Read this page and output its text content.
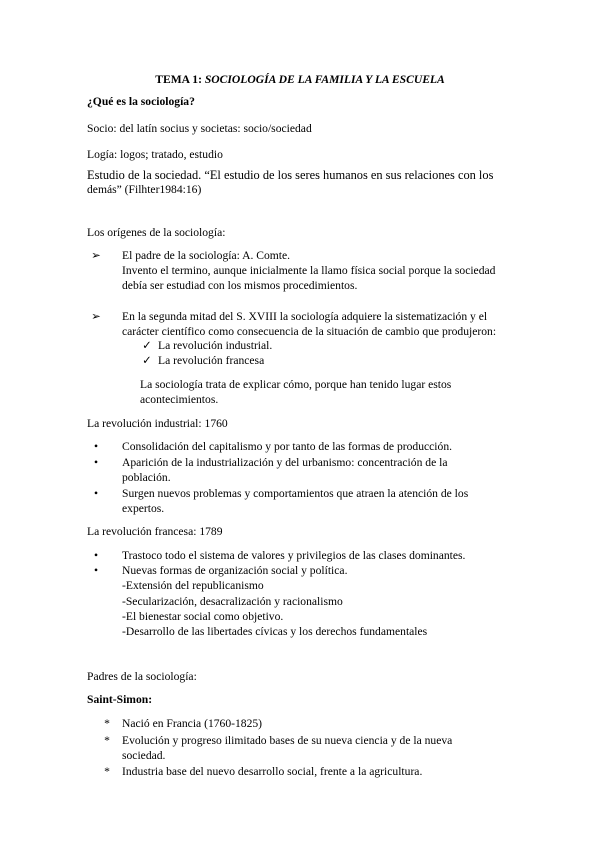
TEMA 1: SOCIOLOGÍA DE LA FAMILIA Y LA ESCUELA
¿Qué es la sociología?
Socio: del latín socius y societas: socio/sociedad
Logía: logos; tratado, estudio
Estudio de la sociedad. “El estudio de los seres humanos en sus relaciones con los
demás” (Filhter1984:16)
Los orígenes de la sociología:
➢	El padre de la sociología: A. Comte.
Invento el termino, aunque inicialmente la llamo física social porque la sociedad
debía ser estudiad con los mismos procedimientos.
➢	En la segunda mitad del S. XVIII la sociología adquiere la sistematización y el
carácter científico como consecuencia de la situación de cambio que produjeron:
✓ La revolución industrial.
✓ La revolución francesa
La sociología trata de explicar cómo, porque han tenido lugar estos
acontecimientos.
La revolución industrial: 1760
•	Consolidación del capitalismo y por tanto de las formas de producción.
•	Aparición de la industrialización y del urbanismo: concentración de la
población.
•	Surgen nuevos problemas y comportamientos que atraen la atención de los
expertos.
La revolución francesa: 1789
•	Trastoco todo el sistema de valores y privilegios de las clases dominantes.
•	Nuevas formas de organización social y política.
-Extensión del republicanismo
-Secularización, desacralización y racionalismo
-El bienestar social como objetivo.
-Desarrollo de las libertades cívicas y los derechos fundamentales
Padres de la sociología:
Saint-Simon:
*	Nació en Francia (1760-1825)
*	Evolución y progreso ilimitado bases de su nueva ciencia y de la nueva
sociedad.
*	Industria base del nuevo desarrollo social, frente a la agricultura.
